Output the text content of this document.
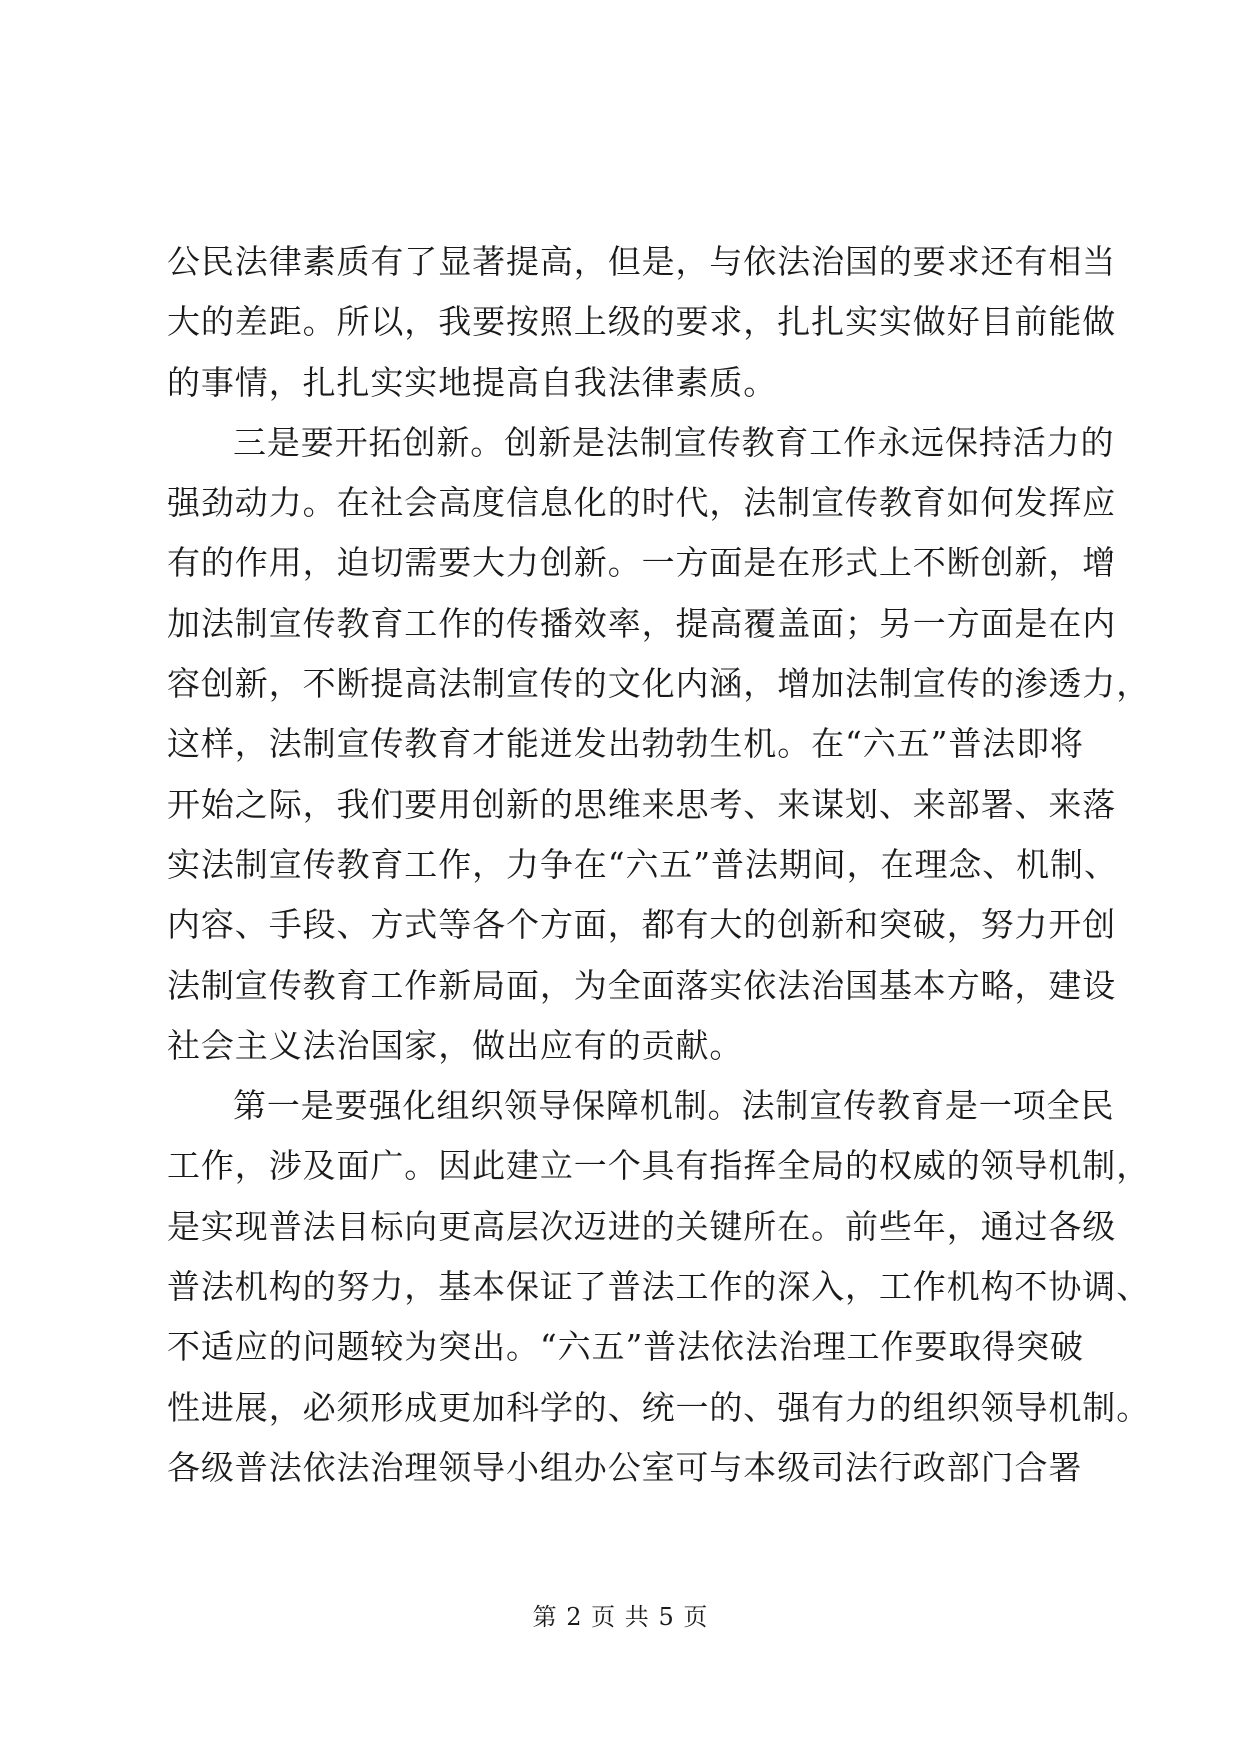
公民法律素质有了显著提高，但是，与依法治国的要求还有相当
大的差距。所以，我要按照上级的要求，扎扎实实做好目前能做
的事情，扎扎实实地提高自我法律素质。
三是要开拓创新。创新是法制宣传教育工作永远保持活力的
强劲动力。在社会高度信息化的时代，法制宣传教育如何发挥应
有的作用，迫切需要大力创新。一方面是在形式上不断创新，增
加法制宣传教育工作的传播效率，提高覆盖面；另一方面是在内
容创新，不断提高法制宣传的文化内涵，增加法制宣传的渗透力，
这样，法制宣传教育才能迸发出勃勃生机。在“六五”普法即将
开始之际，我们要用创新的思维来思考、来谋划、来部署、来落
实法制宣传教育工作，力争在“六五”普法期间，在理念、机制、
内容、手段、方式等各个方面，都有大的创新和突破，努力开创
法制宣传教育工作新局面，为全面落实依法治国基本方略，建设
社会主义法治国家，做出应有的贡献。
第一是要强化组织领导保障机制。法制宣传教育是一项全民
工作，涉及面广。因此建立一个具有指挥全局的权威的领导机制，
是实现普法目标向更高层次迈进的关键所在。前些年，通过各级
普法机构的努力，基本保证了普法工作的深入，工作机构不协调、
不适应的问题较为突出。“六五”普法依法治理工作要取得突破
性进展，必须形成更加科学的、统一的、强有力的组织领导机制。
各级普法依法治理领导小组办公室可与本级司法行政部门合署
第 2 页 共 5 页
